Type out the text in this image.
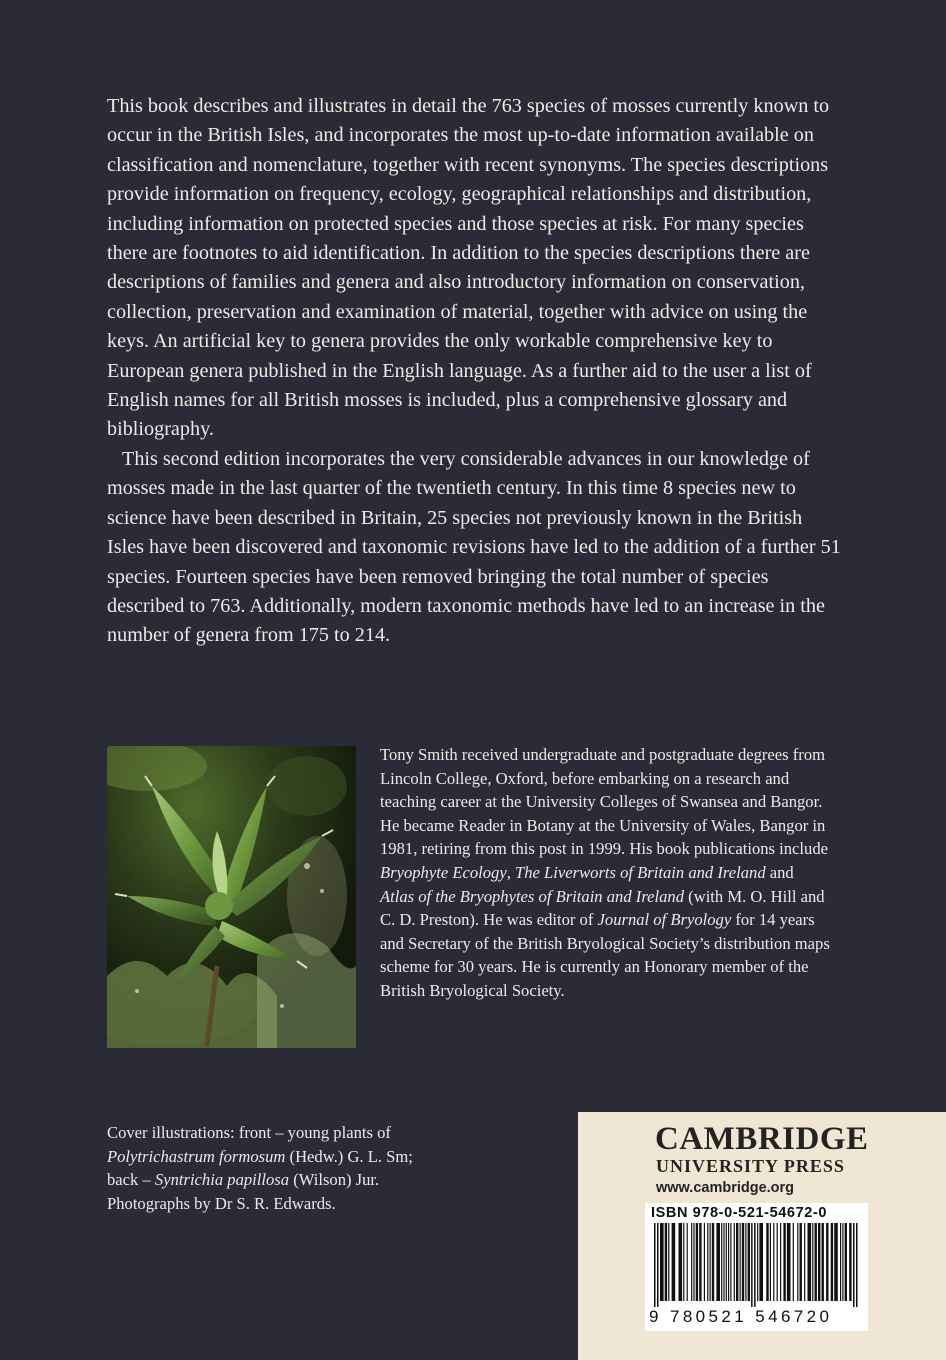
This book describes and illustrates in detail the 763 species of mosses currently known to occur in the British Isles, and incorporates the most up-to-date information available on classification and nomenclature, together with recent synonyms. The species descriptions provide information on frequency, ecology, geographical relationships and distribution, including information on protected species and those species at risk. For many species there are footnotes to aid identification. In addition to the species descriptions there are descriptions of families and genera and also introductory information on conservation, collection, preservation and examination of material, together with advice on using the keys. An artificial key to genera provides the only workable comprehensive key to European genera published in the English language. As a further aid to the user a list of English names for all British mosses is included, plus a comprehensive glossary and bibliography.

This second edition incorporates the very considerable advances in our knowledge of mosses made in the last quarter of the twentieth century. In this time 8 species new to science have been described in Britain, 25 species not previously known in the British Isles have been discovered and taxonomic revisions have led to the addition of a further 51 species. Fourteen species have been removed bringing the total number of species described to 763. Additionally, modern taxonomic methods have led to an increase in the number of genera from 175 to 214.

Tony Smith received undergraduate and postgraduate degrees from Lincoln College, Oxford, before embarking on a research and teaching career at the University Colleges of Swansea and Bangor. He became Reader in Botany at the University of Wales, Bangor in 1981, retiring from this post in 1999. His book publications include Bryophyte Ecology, The Liverworts of Britain and Ireland and Atlas of the Bryophytes of Britain and Ireland (with M. O. Hill and C. D. Preston). He was editor of Journal of Bryology for 14 years and Secretary of the British Bryological Society’s distribution maps scheme for 30 years. He is currently an Honorary member of the British Bryological Society.

Cover illustrations: front – young plants of Polytrichastrum formosum (Hedw.) G. L. Sm;
back – Syntrichia papillosa (Wilson) Jur.
Photographs by Dr S. R. Edwards.

CAMBRIDGE
UNIVERSITY PRESS
www.cambridge.org
ISBN 978-0-521-54672-0
9 780521 546720
